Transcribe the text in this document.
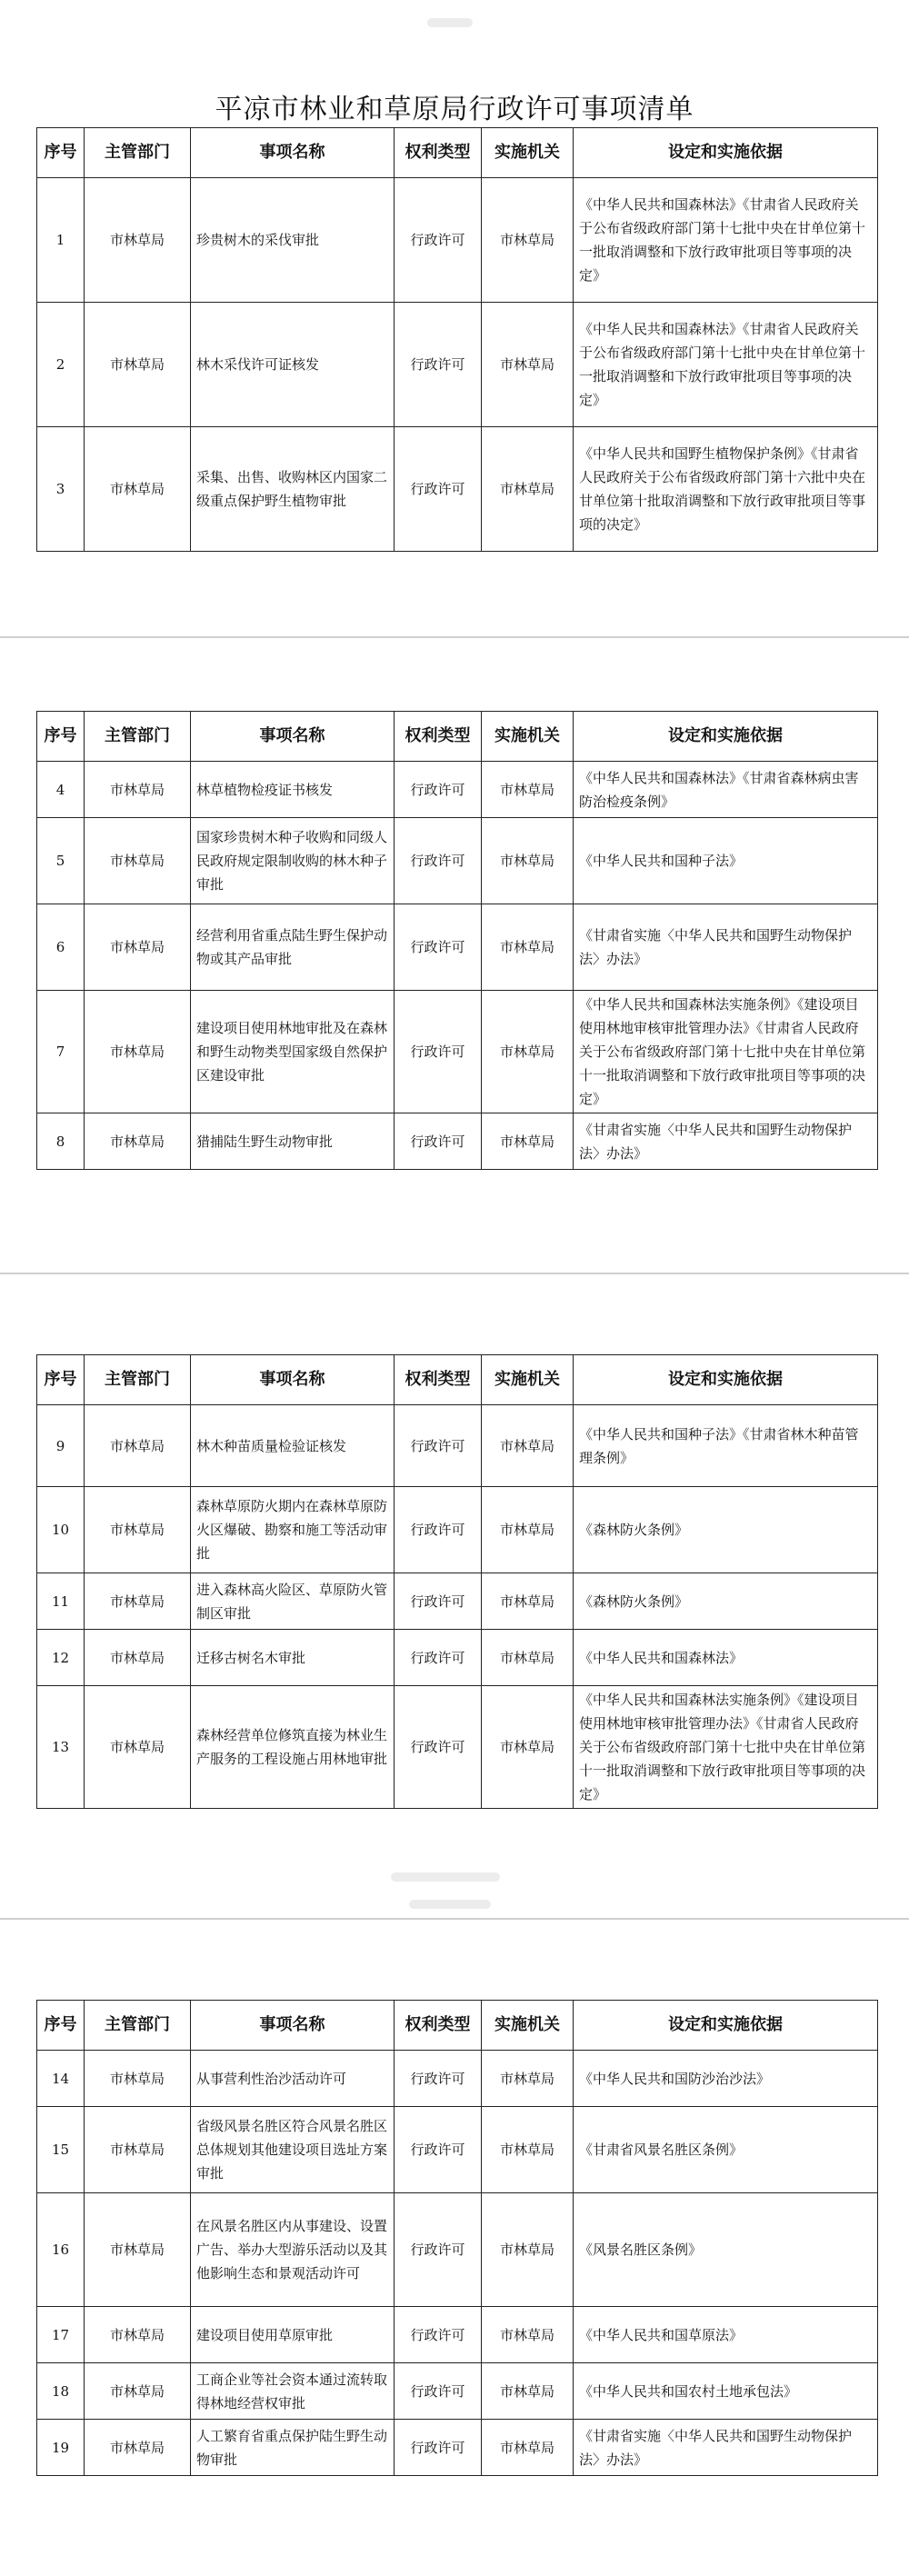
平凉市林业和草原局行政许可事项清单
序号	主管部门	事项名称	权利类型	实施机关	设定和实施依据
1	市林草局	珍贵树木的采伐审批	行政许可	市林草局	《中华人民共和国森林法》《甘肃省人民政府关于公布省级政府部门第十七批中央在甘单位第十一批取消调整和下放行政审批项目等事项的决定》
2	市林草局	林木采伐许可证核发	行政许可	市林草局	《中华人民共和国森林法》《甘肃省人民政府关于公布省级政府部门第十七批中央在甘单位第十一批取消调整和下放行政审批项目等事项的决定》
3	市林草局	采集、出售、收购林区内国家二级重点保护野生植物审批	行政许可	市林草局	《中华人民共和国野生植物保护条例》《甘肃省人民政府关于公布省级政府部门第十六批中央在甘单位第十批取消调整和下放行政审批项目等事项的决定》
序号	主管部门	事项名称	权利类型	实施机关	设定和实施依据
4	市林草局	林草植物检疫证书核发	行政许可	市林草局	《中华人民共和国森林法》《甘肃省森林病虫害防治检疫条例》
5	市林草局	国家珍贵树木种子收购和同级人民政府规定限制收购的林木种子审批	行政许可	市林草局	《中华人民共和国种子法》
6	市林草局	经营利用省重点陆生野生保护动物或其产品审批	行政许可	市林草局	《甘肃省实施〈中华人民共和国野生动物保护法〉办法》
7	市林草局	建设项目使用林地审批及在森林和野生动物类型国家级自然保护区建设审批	行政许可	市林草局	《中华人民共和国森林法实施条例》《建设项目使用林地审核审批管理办法》《甘肃省人民政府关于公布省级政府部门第十七批中央在甘单位第十一批取消调整和下放行政审批项目等事项的决定》
8	市林草局	猎捕陆生野生动物审批	行政许可	市林草局	《甘肃省实施〈中华人民共和国野生动物保护法〉办法》
序号	主管部门	事项名称	权利类型	实施机关	设定和实施依据
9	市林草局	林木种苗质量检验证核发	行政许可	市林草局	《中华人民共和国种子法》《甘肃省林木种苗管理条例》
10	市林草局	森林草原防火期内在森林草原防火区爆破、勘察和施工等活动审批	行政许可	市林草局	《森林防火条例》
11	市林草局	进入森林高火险区、草原防火管制区审批	行政许可	市林草局	《森林防火条例》
12	市林草局	迁移古树名木审批	行政许可	市林草局	《中华人民共和国森林法》
13	市林草局	森林经营单位修筑直接为林业生产服务的工程设施占用林地审批	行政许可	市林草局	《中华人民共和国森林法实施条例》《建设项目使用林地审核审批管理办法》《甘肃省人民政府关于公布省级政府部门第十七批中央在甘单位第十一批取消调整和下放行政审批项目等事项的决定》
序号	主管部门	事项名称	权利类型	实施机关	设定和实施依据
14	市林草局	从事营利性治沙活动许可	行政许可	市林草局	《中华人民共和国防沙治沙法》
15	市林草局	省级风景名胜区符合风景名胜区总体规划其他建设项目选址方案审批	行政许可	市林草局	《甘肃省风景名胜区条例》
16	市林草局	在风景名胜区内从事建设、设置广告、举办大型游乐活动以及其他影响生态和景观活动许可	行政许可	市林草局	《风景名胜区条例》
17	市林草局	建设项目使用草原审批	行政许可	市林草局	《中华人民共和国草原法》
18	市林草局	工商企业等社会资本通过流转取得林地经营权审批	行政许可	市林草局	《中华人民共和国农村土地承包法》
19	市林草局	人工繁育省重点保护陆生野生动物审批	行政许可	市林草局	《甘肃省实施〈中华人民共和国野生动物保护法〉办法》
